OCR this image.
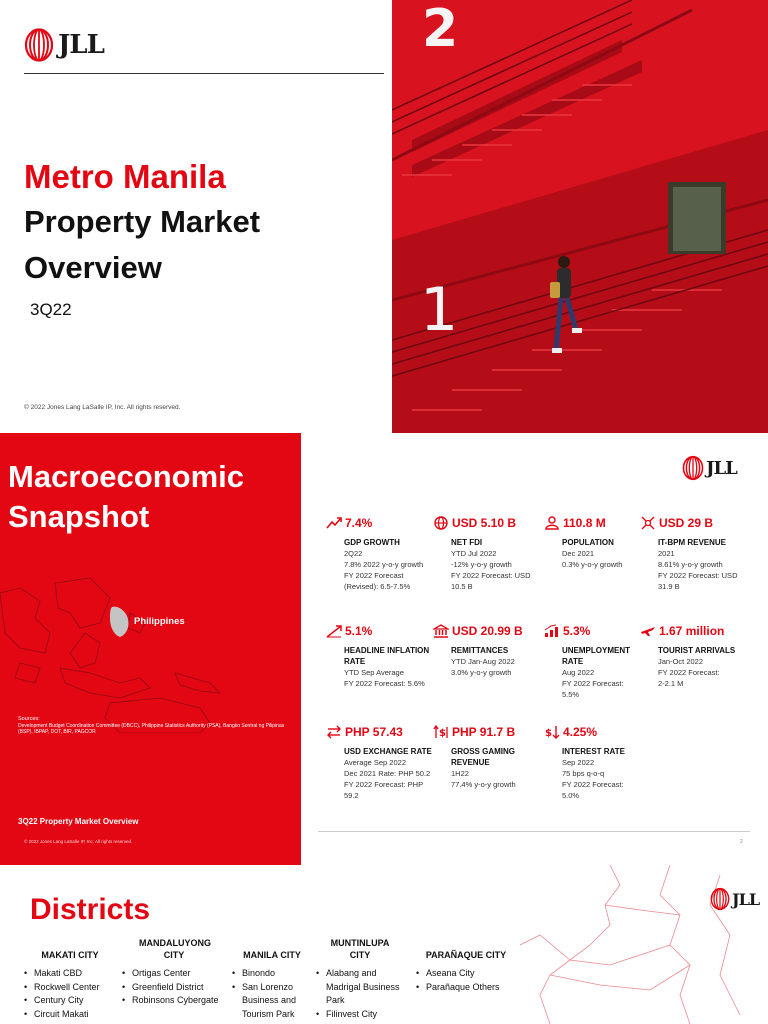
JLL
Metro Manila
Property Market
Overview
3Q22
© 2022 Jones Lang LaSalle IP, Inc. All rights reserved.
2
1
Macroeconomic
Snapshot
Philippines
Sources:
Development Budget Coordination Committee (DBCC), Philippine Statistics Authority (PSA), Bangko Sentral ng Pilipinas (BSP), IBPAP, DOT, BIR, PAGCOR
3Q22 Property Market Overview
© 2022 Jones Lang LaSalle IP, Inc. All rights reserved.
JLL
7.4%
GDP GROWTH
2Q22
7.8% 2022 y-o-y growth
FY 2022 Forecast
(Revised): 6.5-7.5%
USD 5.10 B
NET FDI
YTD Jul 2022
-12% y-o-y growth
FY 2022 Forecast: USD
10.5 B
110.8 M
POPULATION
Dec 2021
0.3% y-o-y growth
USD 29 B
IT-BPM REVENUE
2021
8.61% y-o-y growth
FY 2022 Forecast: USD
31.9 B
5.1%
HEADLINE INFLATION RATE
YTD Sep Average
FY 2022 Forecast: 5.6%
USD 20.99 B
REMITTANCES
YTD Jan-Aug 2022
3.0% y-o-y growth
5.3%
UNEMPLOYMENT RATE
Aug 2022
FY 2022 Forecast:
5.5%
1.67 million
TOURIST ARRIVALS
Jan-Oct 2022
FY 2022 Forecast:
2-2.1 M
PHP 57.43
USD EXCHANGE RATE
Average Sep 2022
Dec 2021 Rate: PHP 50.2
FY 2022 Forecast: PHP
59.2
$ PHP 91.7 B
GROSS GAMING REVENUE
1H22
77.4% y-o-y growth
$ 4.25%
INTEREST RATE
Sep 2022
75 bps q-o-q
FY 2022 Forecast:
5.0%
2
Districts	JLL
MAKATI CITY
• Makati CBD
• Rockwell Center
• Century City
• Circuit Makati
MANDALUYONG CITY
• Ortigas Center
• Greenfield District
• Robinsons Cybergate
MANILA CITY
• Binondo
• San Lorenzo Business and Tourism Park
MUNTINLUPA CITY
• Alabang and Madrigal Business Park
• Filinvest City
PARAÑAQUE CITY
• Aseana City
• Parañaque Others
